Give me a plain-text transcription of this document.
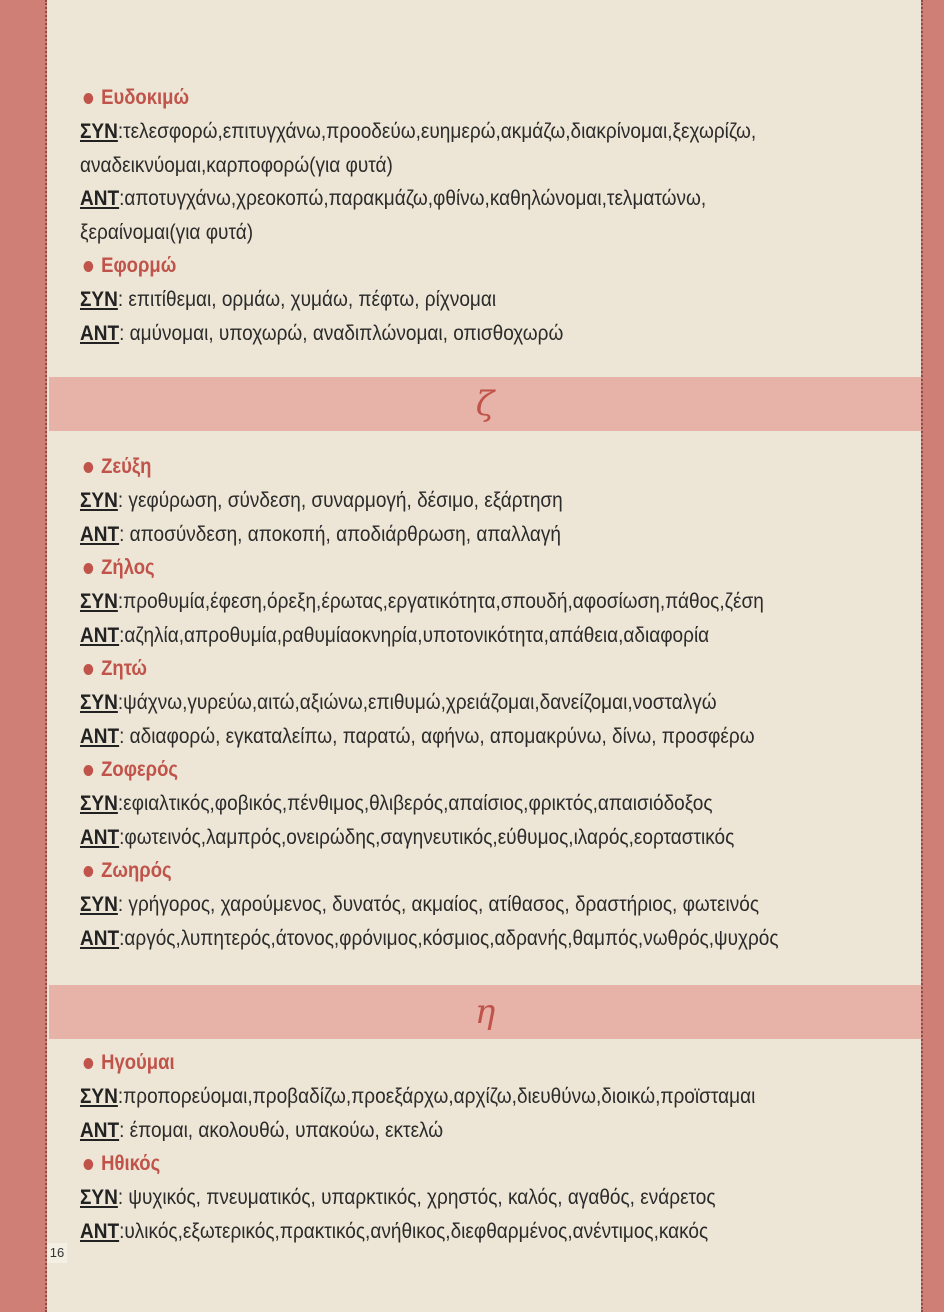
Ευδοκιμώ
ΣΥΝ:τελεσφορώ,επιτυγχάνω,προοδεύω,ευημερώ,ακμάζω,διακρίνομαι,ξεχωρίζω,
αναδεικνύομαι,καρποφορώ(για φυτά)
ΑΝΤ:αποτυγχάνω,χρεοκοπώ,παρακμάζω,φθίνω,καθηλώνομαι,τελματώνω,
ξεραίνομαι(για φυτά)
Εφορμώ
ΣΥΝ: επιτίθεμαι, ορμάω, χυμάω, πέφτω, ρίχνομαι
ΑΝΤ: αμύνομαι, υποχωρώ, αναδιπλώνομαι, οπισθοχωρώ
ζ
Ζεύξη
ΣΥΝ: γεφύρωση, σύνδεση, συναρμογή, δέσιμο, εξάρτηση
ΑΝΤ: αποσύνδεση, αποκοπή, αποδιάρθρωση, απαλλαγή
Ζήλος
ΣΥΝ:προθυμία,έφεση,όρεξη,έρωτας,εργατικότητα,σπουδή,αφοσίωση,πάθος,ζέση
ΑΝΤ:αζηλία,απροθυμία,ραθυμίαοκνηρία,υποτονικότητα,απάθεια,αδιαφορία
Ζητώ
ΣΥΝ:ψάχνω,γυρεύω,αιτώ,αξιώνω,επιθυμώ,χρειάζομαι,δανείζομαι,νοσταλγώ
ΑΝΤ: αδιαφορώ, εγκαταλείπω, παρατώ, αφήνω, απομακρύνω, δίνω, προσφέρω
Ζοφερός
ΣΥΝ:εφιαλτικός,φοβικός,πένθιμος,θλιβερός,απαίσιος,φρικτός,απαισιόδοξος
ΑΝΤ:φωτεινός,λαμπρός,ονειρώδης,σαγηνευτικός,εύθυμος,ιλαρός,εορταστικός
Ζωηρός
ΣΥΝ: γρήγορος, χαρούμενος, δυνατός, ακμαίος, ατίθασος, δραστήριος, φωτεινός
ΑΝΤ:αργός,λυπητερός,άτονος,φρόνιμος,κόσμιος,αδρανής,θαμπός,νωθρός,ψυχρός
η
Ηγούμαι
ΣΥΝ:προπορεύομαι,προβαδίζω,προεξάρχω,αρχίζω,διευθύνω,διοικώ,προϊσταμαι
ΑΝΤ: έπομαι, ακολουθώ, υπακούω, εκτελώ
Ηθικός
ΣΥΝ: ψυχικός, πνευματικός, υπαρκτικός, χρηστός, καλός, αγαθός, ενάρετος
ΑΝΤ:υλικός,εξωτερικός,πρακτικός,ανήθικος,διεφθαρμένος,ανέντιμος,κακός
16
